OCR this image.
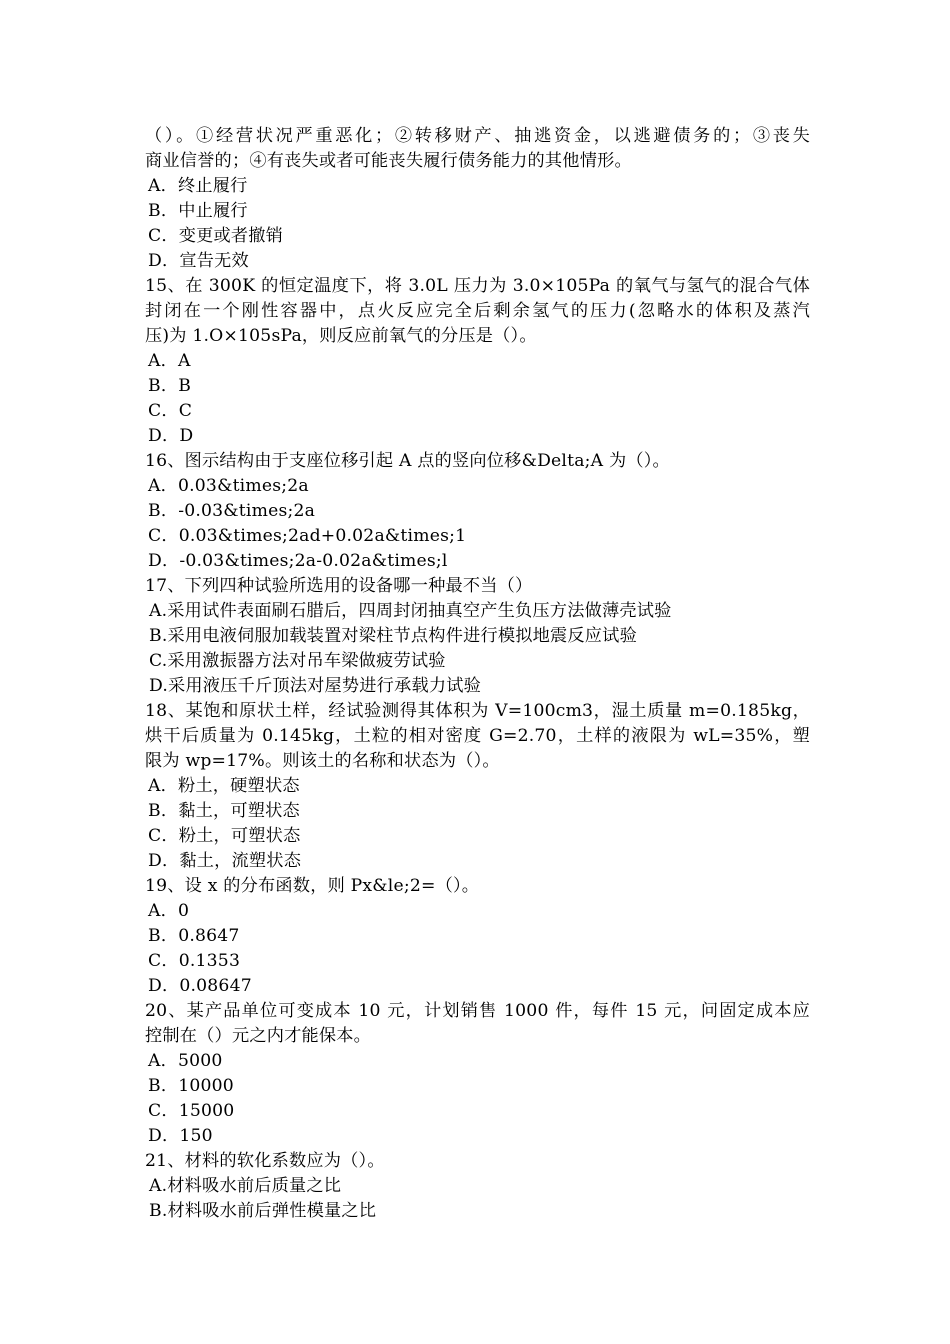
（）。①经营状况严重恶化；②转移财产、抽逃资金，以逃避债务的；③丧失
商业信誉的；④有丧失或者可能丧失履行债务能力的其他情形。
A．终止履行
B．中止履行
C．变更或者撤销
D．宣告无效
15、在 300K 的恒定温度下，将 3.0L 压力为 3.0×105Pa 的氧气与氢气的混合气体
封闭在一个刚性容器中，点火反应完全后剩余氢气的压力(忽略水的体积及蒸汽
压)为 1.O×105sPa，则反应前氧气的分压是（）。
A．A
B．B
C．C
D．D
16、图示结构由于支座位移引起 A 点的竖向位移&Delta;A 为（）。
A．0.03&times;2a
B．-0.03&times;2a
C．0.03&times;2ad+0.02a&times;1
D．-0.03&times;2a-0.02a&times;l
17、下列四种试验所选用的设备哪一种最不当（）
A.采用试件表面刷石腊后，四周封闭抽真空产生负压方法做薄壳试验
B.采用电液伺服加载装置对梁柱节点构件进行模拟地震反应试验
C.采用激振器方法对吊车梁做疲劳试验
D.采用液压千斤顶法对屋势进行承载力试验
18、某饱和原状土样，经试验测得其体积为 V=100cm3，湿土质量 m=0.185kg，
烘干后质量为 0.145kg，土粒的相对密度 G=2.70，土样的液限为 wL=35%，塑
限为 wp=17%。则该土的名称和状态为（）。
A．粉土，硬塑状态
B．黏土，可塑状态
C．粉土，可塑状态
D．黏土，流塑状态
19、设 x 的分布函数，则 Px&le;2=（）。
A．0
B．0.8647
C．0.1353
D．0.08647
20、某产品单位可变成本 10 元，计划销售 1000 件，每件 15 元，问固定成本应
控制在（）元之内才能保本。
A．5000
B．10000
C．15000
D．150
21、材料的软化系数应为（）。
A.材料吸水前后质量之比
B.材料吸水前后弹性模量之比
